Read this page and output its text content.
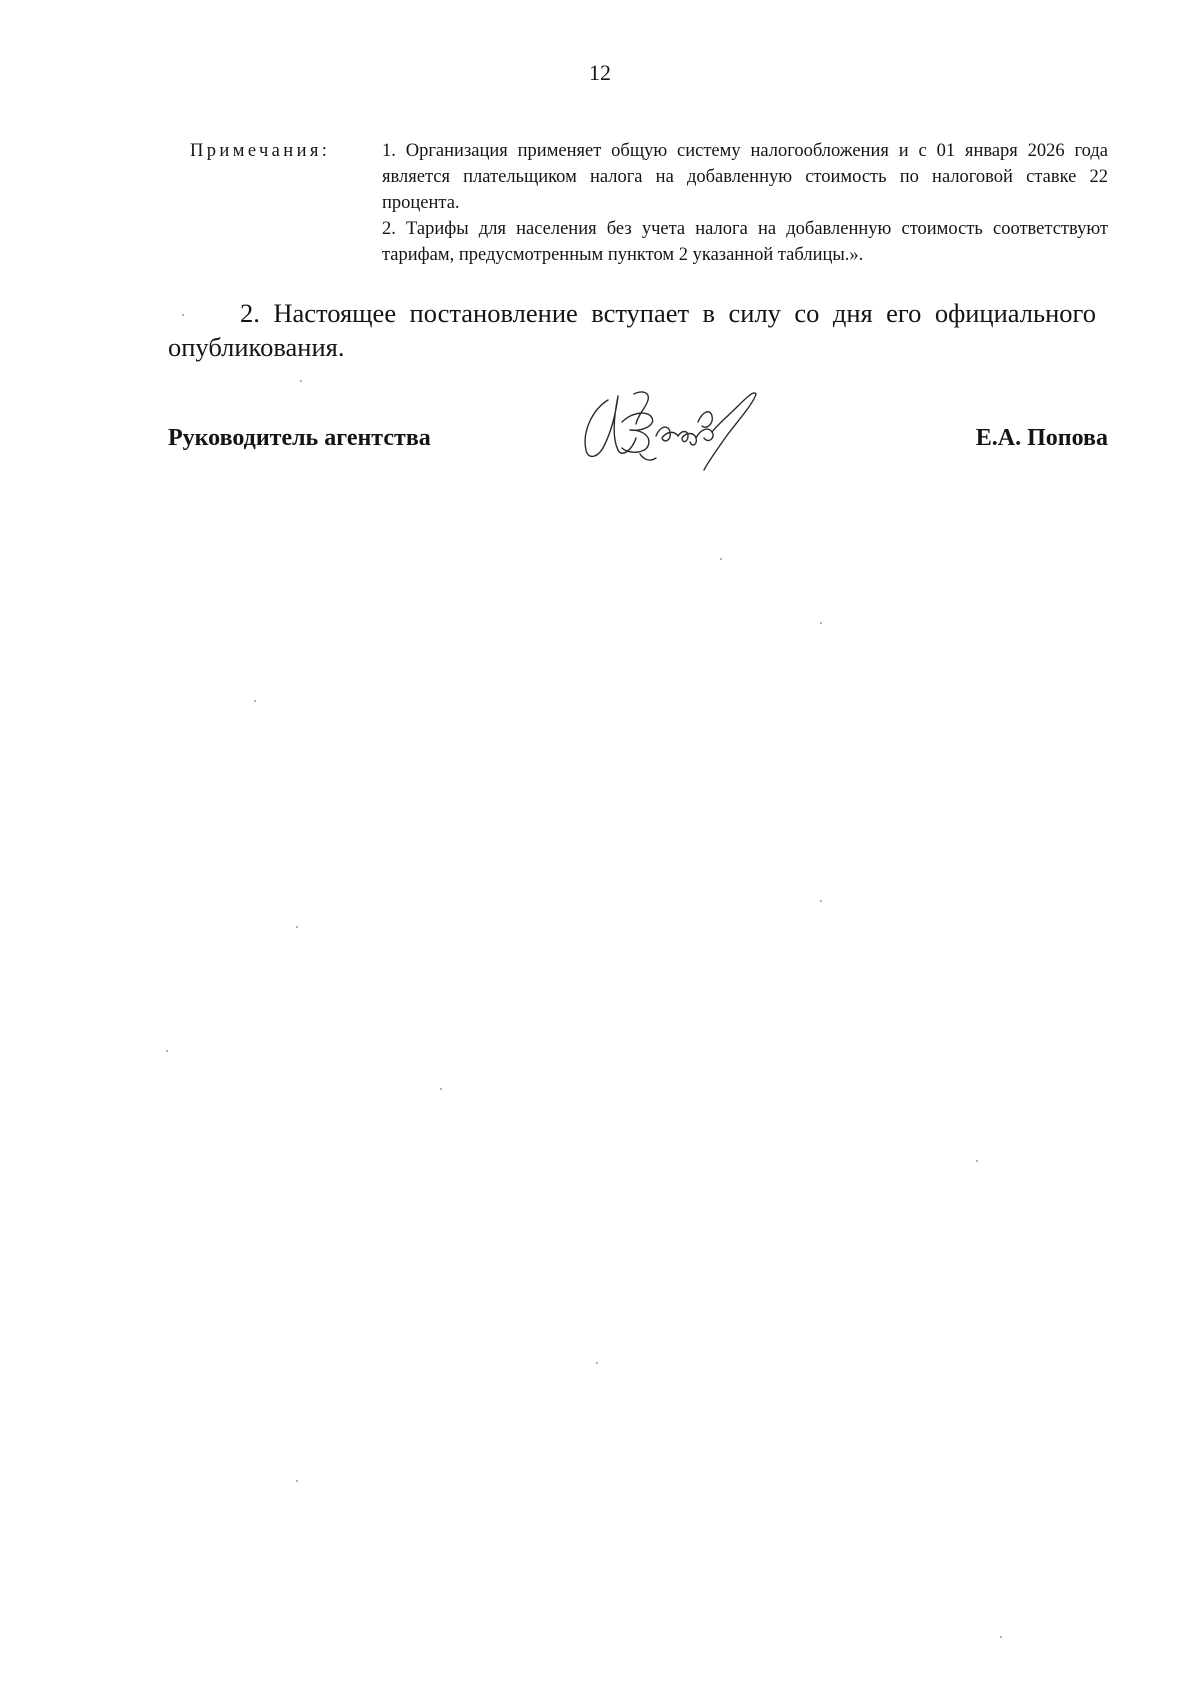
12
Примечания:	1. Организация применяет общую систему налогообложения и с 01 января 2026 года является плательщиком налога на добавленную стоимость по налоговой ставке 22 процента.
2. Тарифы для населения без учета налога на добавленную стоимость соответствуют тарифам, предусмотренным пунктом 2 указанной таблицы.».
2. Настоящее постановление вступает в силу со дня его официального опубликования.
Руководитель агентства	Е.А. Попова
